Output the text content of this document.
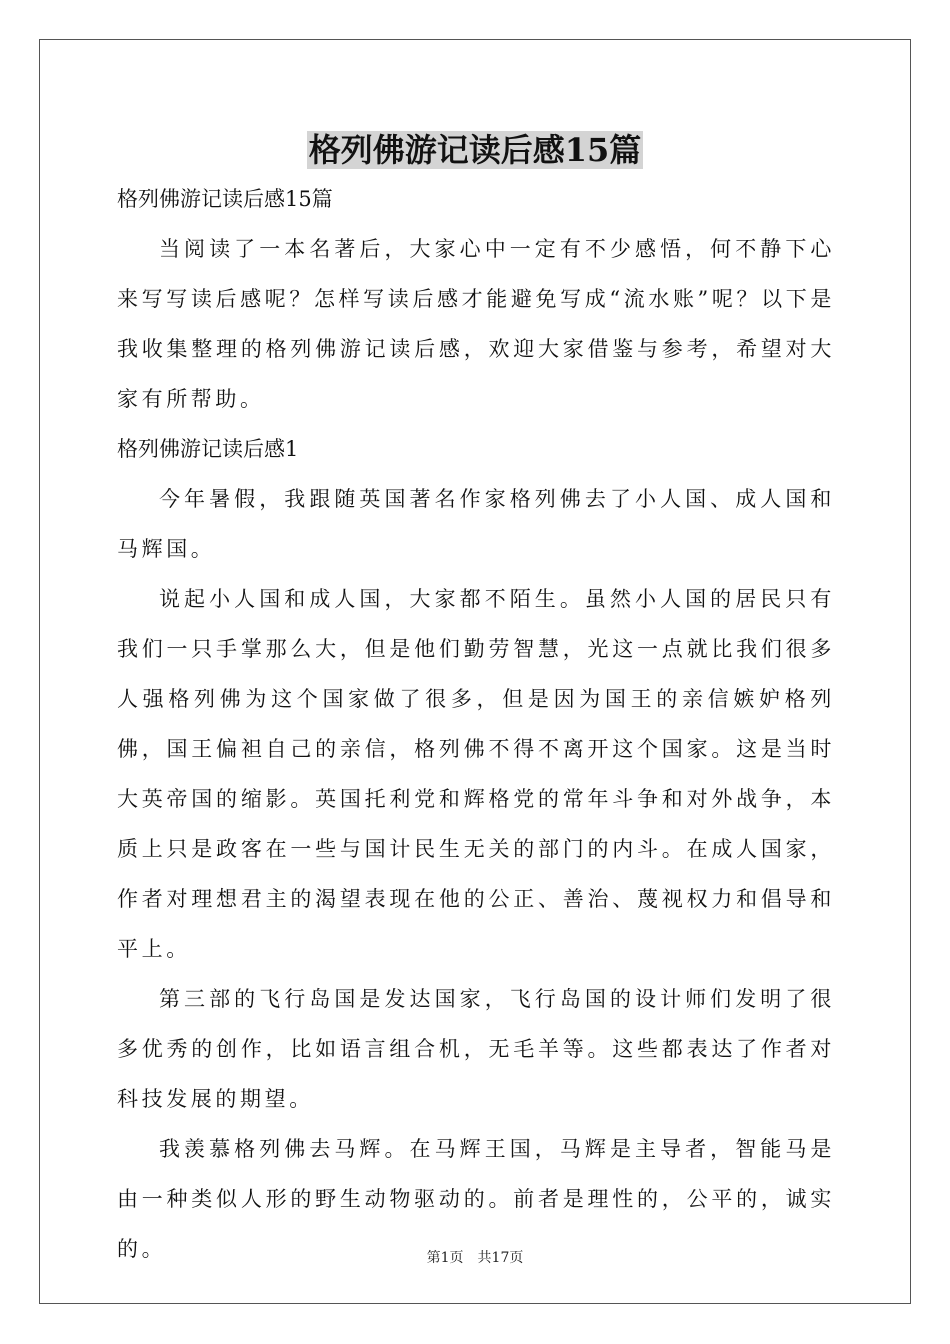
格列佛游记读后感15篇

格列佛游记读后感15篇

当阅读了一本名著后，大家心中一定有不少感悟，何不静下心来写写读后感呢？怎样写读后感才能避免写成“流水账”呢？以下是我收集整理的格列佛游记读后感，欢迎大家借鉴与参考，希望对大家有所帮助。

格列佛游记读后感1

今年暑假，我跟随英国著名作家格列佛去了小人国、成人国和马辉国。

说起小人国和成人国，大家都不陌生。虽然小人国的居民只有我们一只手掌那么大，但是他们勤劳智慧，光这一点就比我们很多人强格列佛为这个国家做了很多，但是因为国王的亲信嫉妒格列佛，国王偏袒自己的亲信，格列佛不得不离开这个国家。这是当时大英帝国的缩影。英国托利党和辉格党的常年斗争和对外战争，本质上只是政客在一些与国计民生无关的部门的内斗。在成人国家，作者对理想君主的渴望表现在他的公正、善治、蔑视权力和倡导和平上。

第三部的飞行岛国是发达国家，飞行岛国的设计师们发明了很多优秀的创作，比如语言组合机，无毛羊等。这些都表达了作者对科技发展的期望。

我羡慕格列佛去马辉。在马辉王国，马辉是主导者，智能马是由一种类似人形的野生动物驱动的。前者是理性的，公平的，诚实的。	第1页　共17页
